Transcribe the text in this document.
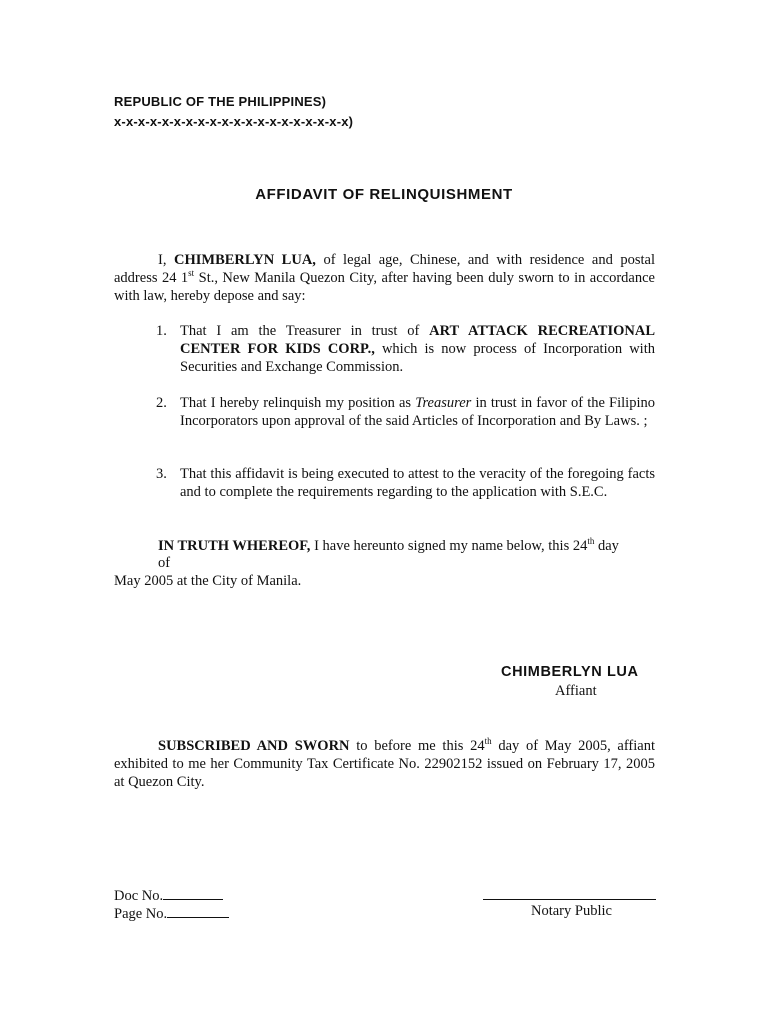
REPUBLIC OF THE PHILIPPINES)
x-x-x-x-x-x-x-x-x-x-x-x-x-x-x-x-x-x-x-x)
AFFIDAVIT OF RELINQUISHMENT
I, CHIMBERLYN LUA, of legal age, Chinese, and with residence and postal address 24 1st St., New Manila Quezon City, after having been duly sworn to in accordance with law, hereby depose and say:
1. That I am the Treasurer in trust of ART ATTACK RECREATIONAL CENTER FOR KIDS CORP., which is now process of Incorporation with Securities and Exchange Commission.
2. That I hereby relinquish my position as Treasurer in trust in favor of the Filipino Incorporators upon approval of the said Articles of Incorporation and By Laws. ;
3. That this affidavit is being executed to attest to the veracity of the foregoing facts and to complete the requirements regarding to the application with S.E.C.
IN TRUTH WHEREOF, I have hereunto signed my name below, this 24th day
of
May 2005 at the City of Manila.
CHIMBERLYN LUA
Affiant
SUBSCRIBED AND SWORN to before me this 24th day of May 2005, affiant exhibited to me her Community Tax Certificate No. 22902152 issued on February 17, 2005 at Quezon City.
Doc No.
Page No.	Notary Public
